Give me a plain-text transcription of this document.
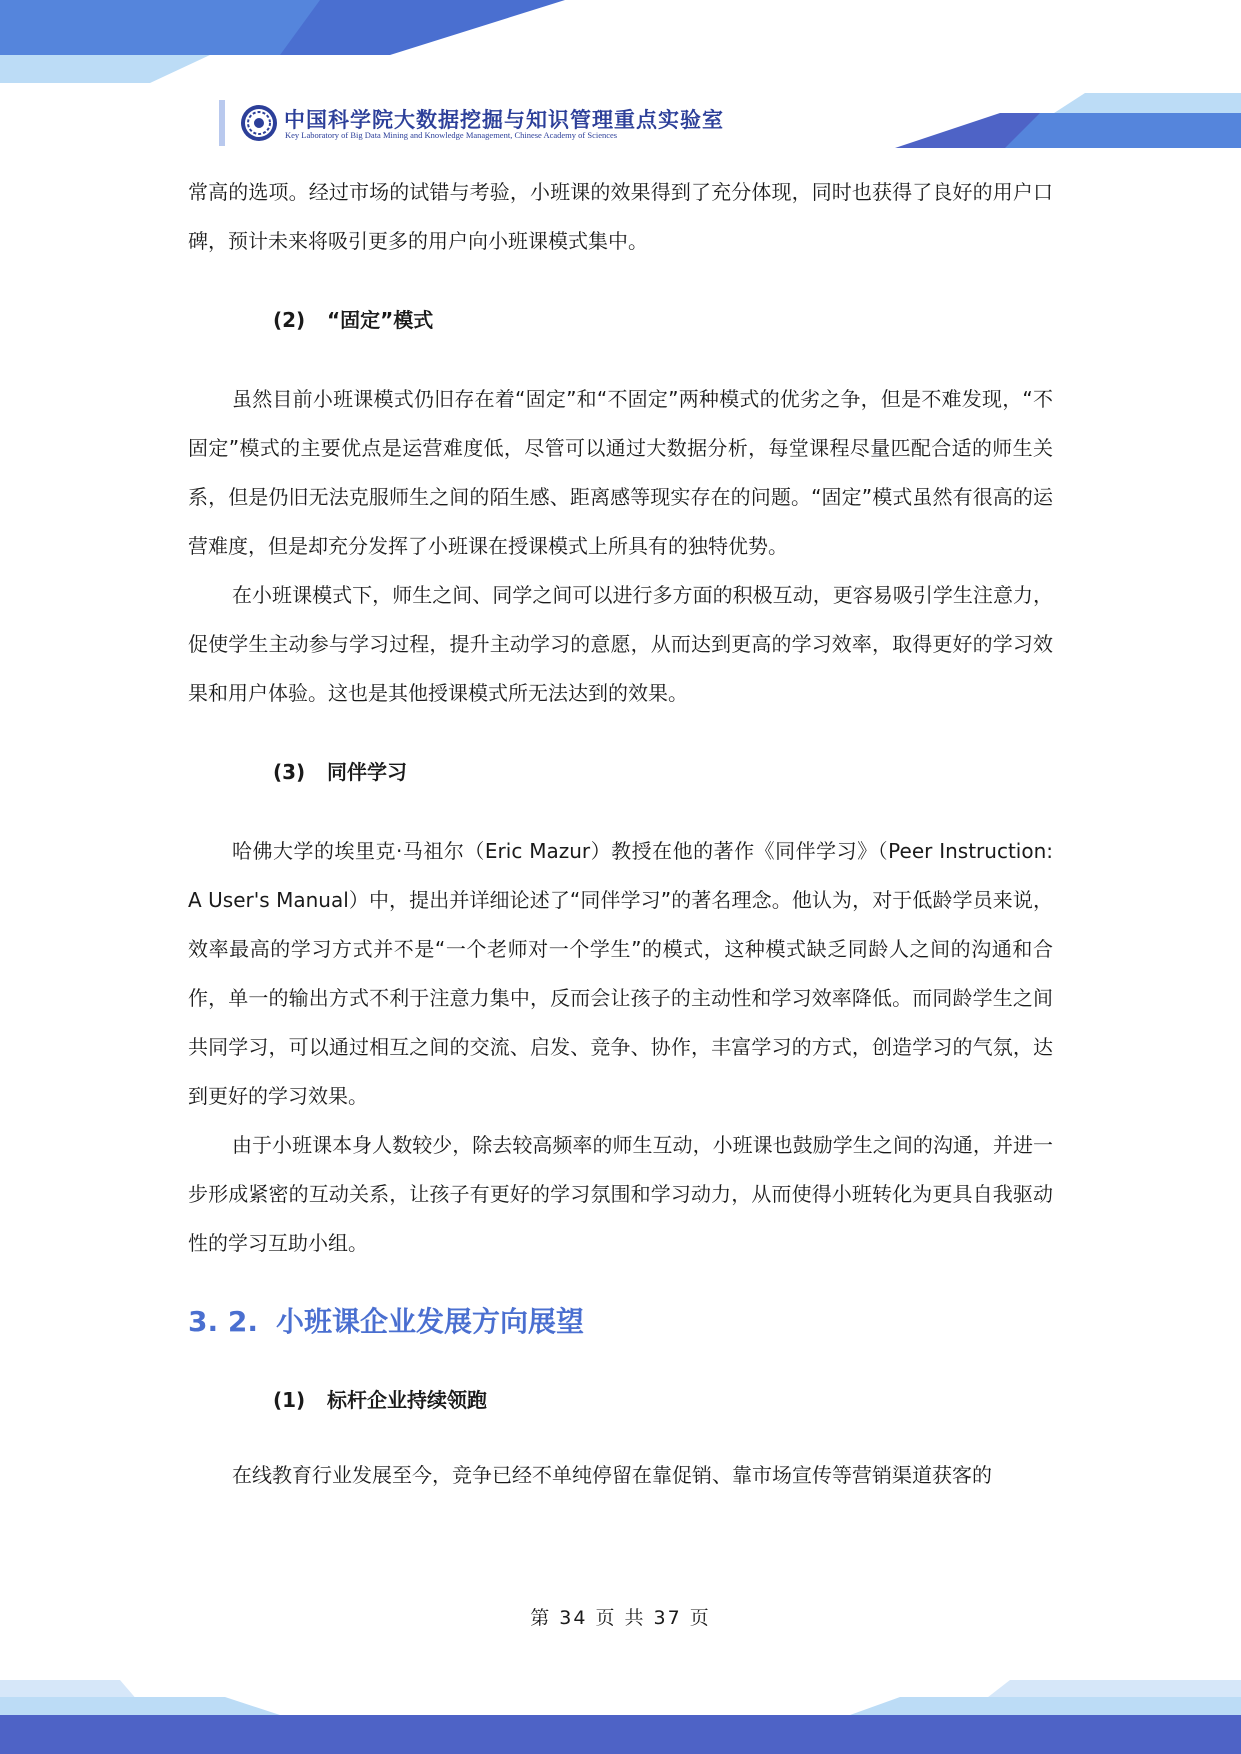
中国科学院大数据挖掘与知识管理重点实验室
Key Laboratory of Big Data Mining and Knowledge Management, Chinese Academy of Sciences

常高的选项。经过市场的试错与考验，小班课的效果得到了充分体现，同时也获得了良好的用户口碑，预计未来将吸引更多的用户向小班课模式集中。

(2) “固定”模式

虽然目前小班课模式仍旧存在着“固定”和“不固定”两种模式的优劣之争，但是不难发现，“不固定”模式的主要优点是运营难度低，尽管可以通过大数据分析，每堂课程尽量匹配合适的师生关系，但是仍旧无法克服师生之间的陌生感、距离感等现实存在的问题。“固定”模式虽然有很高的运营难度，但是却充分发挥了小班课在授课模式上所具有的独特优势。

在小班课模式下，师生之间、同学之间可以进行多方面的积极互动，更容易吸引学生注意力，促使学生主动参与学习过程，提升主动学习的意愿，从而达到更高的学习效率，取得更好的学习效果和用户体验。这也是其他授课模式所无法达到的效果。

(3) 同伴学习

哈佛大学的埃里克·马祖尔（Eric Mazur）教授在他的著作《同伴学习》（Peer Instruction: A User's Manual）中，提出并详细论述了“同伴学习”的著名理念。他认为，对于低龄学员来说，效率最高的学习方式并不是“一个老师对一个学生”的模式，这种模式缺乏同龄人之间的沟通和合作，单一的输出方式不利于注意力集中，反而会让孩子的主动性和学习效率降低。而同龄学生之间共同学习，可以通过相互之间的交流、启发、竞争、协作，丰富学习的方式，创造学习的气氛，达到更好的学习效果。

由于小班课本身人数较少，除去较高频率的师生互动，小班课也鼓励学生之间的沟通，并进一步形成紧密的互动关系，让孩子有更好的学习氛围和学习动力，从而使得小班转化为更具自我驱动性的学习互助小组。

3. 2. 小班课企业发展方向展望
(1) 标杆企业持续领跑

在线教育行业发展至今，竞争已经不单纯停留在靠促销、靠市场宣传等营销渠道获客的

第 34 页 共 37 页
